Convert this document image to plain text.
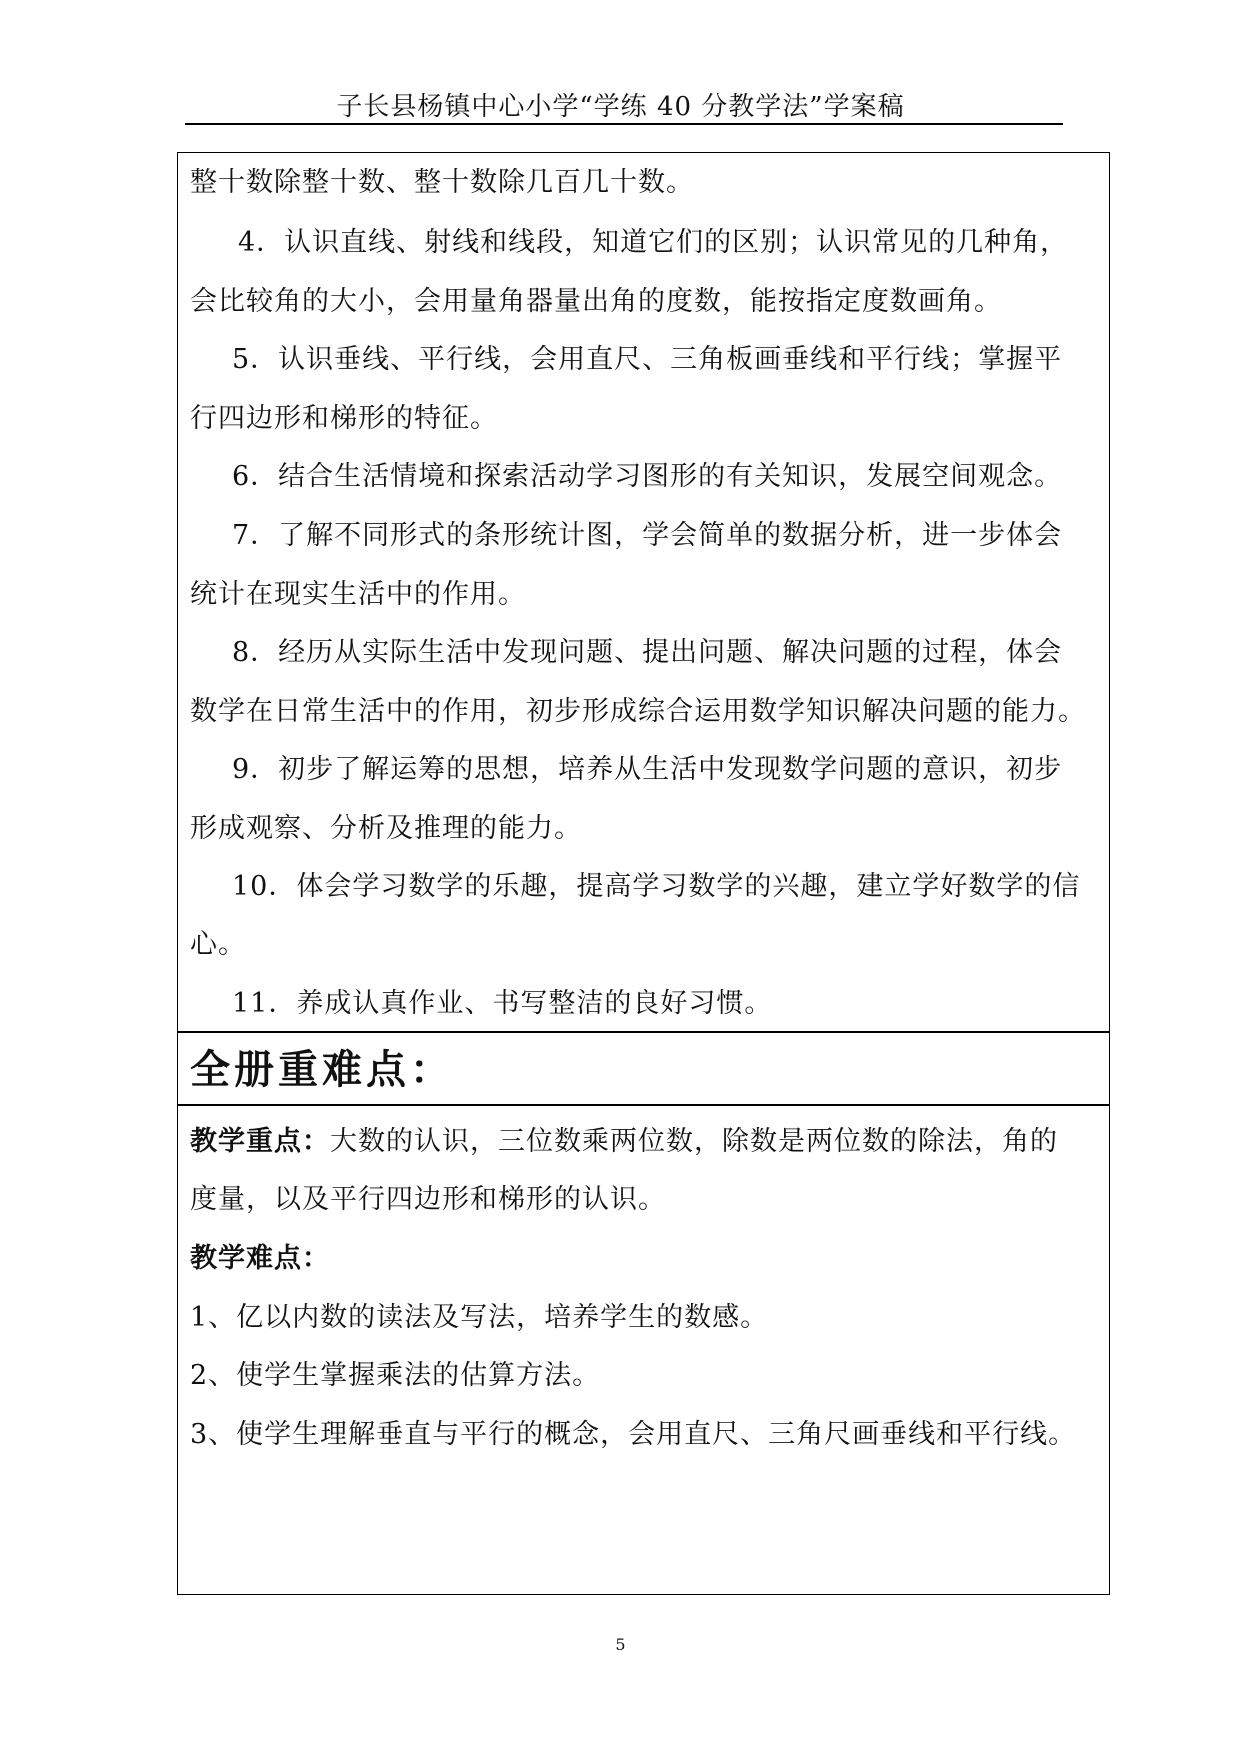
子长县杨镇中心小学“学练 40 分教学法”学案稿
整十数除整十数、整十数除几百几十数。
4．认识直线、射线和线段，知道它们的区别；认识常见的几种角，
会比较角的大小，会用量角器量出角的度数，能按指定度数画角。
5．认识垂线、平行线，会用直尺、三角板画垂线和平行线；掌握平
行四边形和梯形的特征。
6．结合生活情境和探索活动学习图形的有关知识，发展空间观念。
7．了解不同形式的条形统计图，学会简单的数据分析，进一步体会
统计在现实生活中的作用。
8．经历从实际生活中发现问题、提出问题、解决问题的过程，体会
数学在日常生活中的作用，初步形成综合运用数学知识解决问题的能力。
9．初步了解运筹的思想，培养从生活中发现数学问题的意识，初步
形成观察、分析及推理的能力。
10．体会学习数学的乐趣，提高学习数学的兴趣，建立学好数学的信
心。
11．养成认真作业、书写整洁的良好习惯。
全册重难点：
教学重点：大数的认识，三位数乘两位数，除数是两位数的除法，角的
度量，以及平行四边形和梯形的认识。
教学难点：
1、亿以内数的读法及写法，培养学生的数感。
2、使学生掌握乘法的估算方法。
3、使学生理解垂直与平行的概念，会用直尺、三角尺画垂线和平行线。
5
